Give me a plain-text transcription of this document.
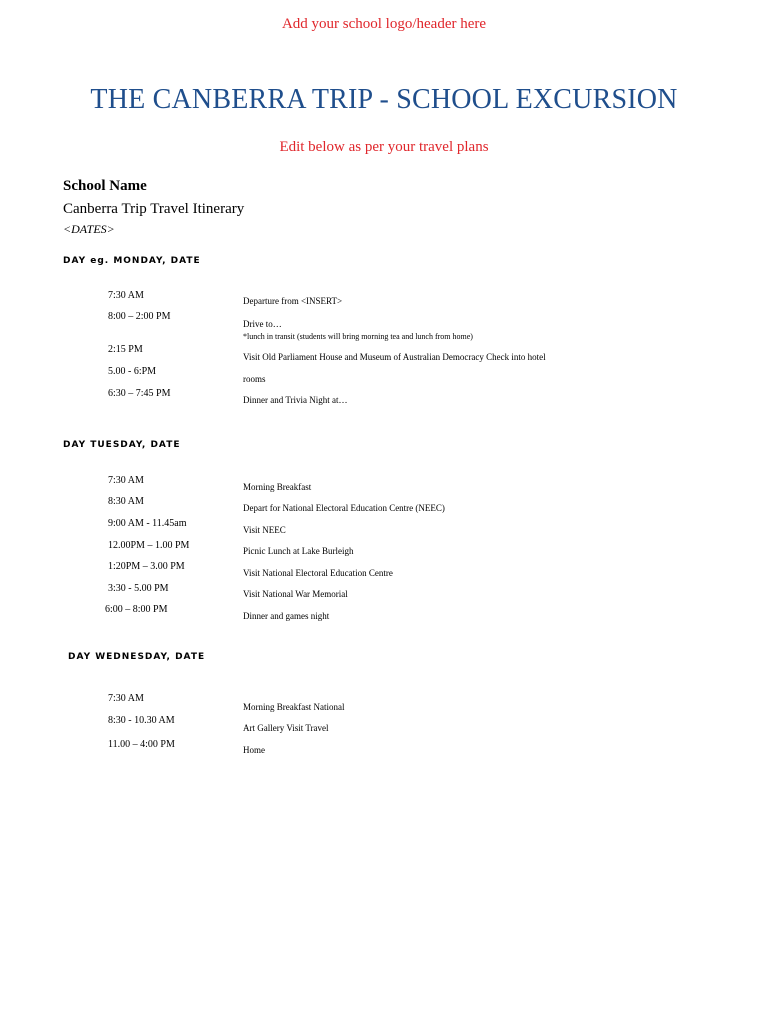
Add your school logo/header here
THE CANBERRA TRIP - SCHOOL EXCURSION
Edit below as per your travel plans
School Name
Canberra Trip Travel Itinerary
<DATES>
DAY eg. MONDAY, DATE
7:30 AM
8:00 – 2:00 PM
2:15 PM
5.00 - 6:PM
6:30 – 7:45 PM
Departure from <INSERT>
Drive to…
*lunch in transit (students will bring morning tea and lunch from home)
Visit Old Parliament House and Museum of Australian Democracy Check into hotel
rooms
Dinner and Trivia Night at…
DAY TUESDAY, DATE
7:30 AM
8:30 AM
9:00 AM - 11.45am
12.00PM – 1.00 PM
1:20PM – 3.00 PM
3:30 - 5.00 PM
6:00 – 8:00 PM
Morning Breakfast
Depart for National Electoral Education Centre (NEEC)
Visit NEEC
Picnic Lunch at Lake Burleigh
Visit National Electoral Education Centre
Visit National War Memorial
Dinner and games night
DAY WEDNESDAY, DATE
7:30 AM
8:30 - 10.30 AM
11.00 – 4:00 PM
Morning Breakfast National
Art Gallery Visit Travel
Home
